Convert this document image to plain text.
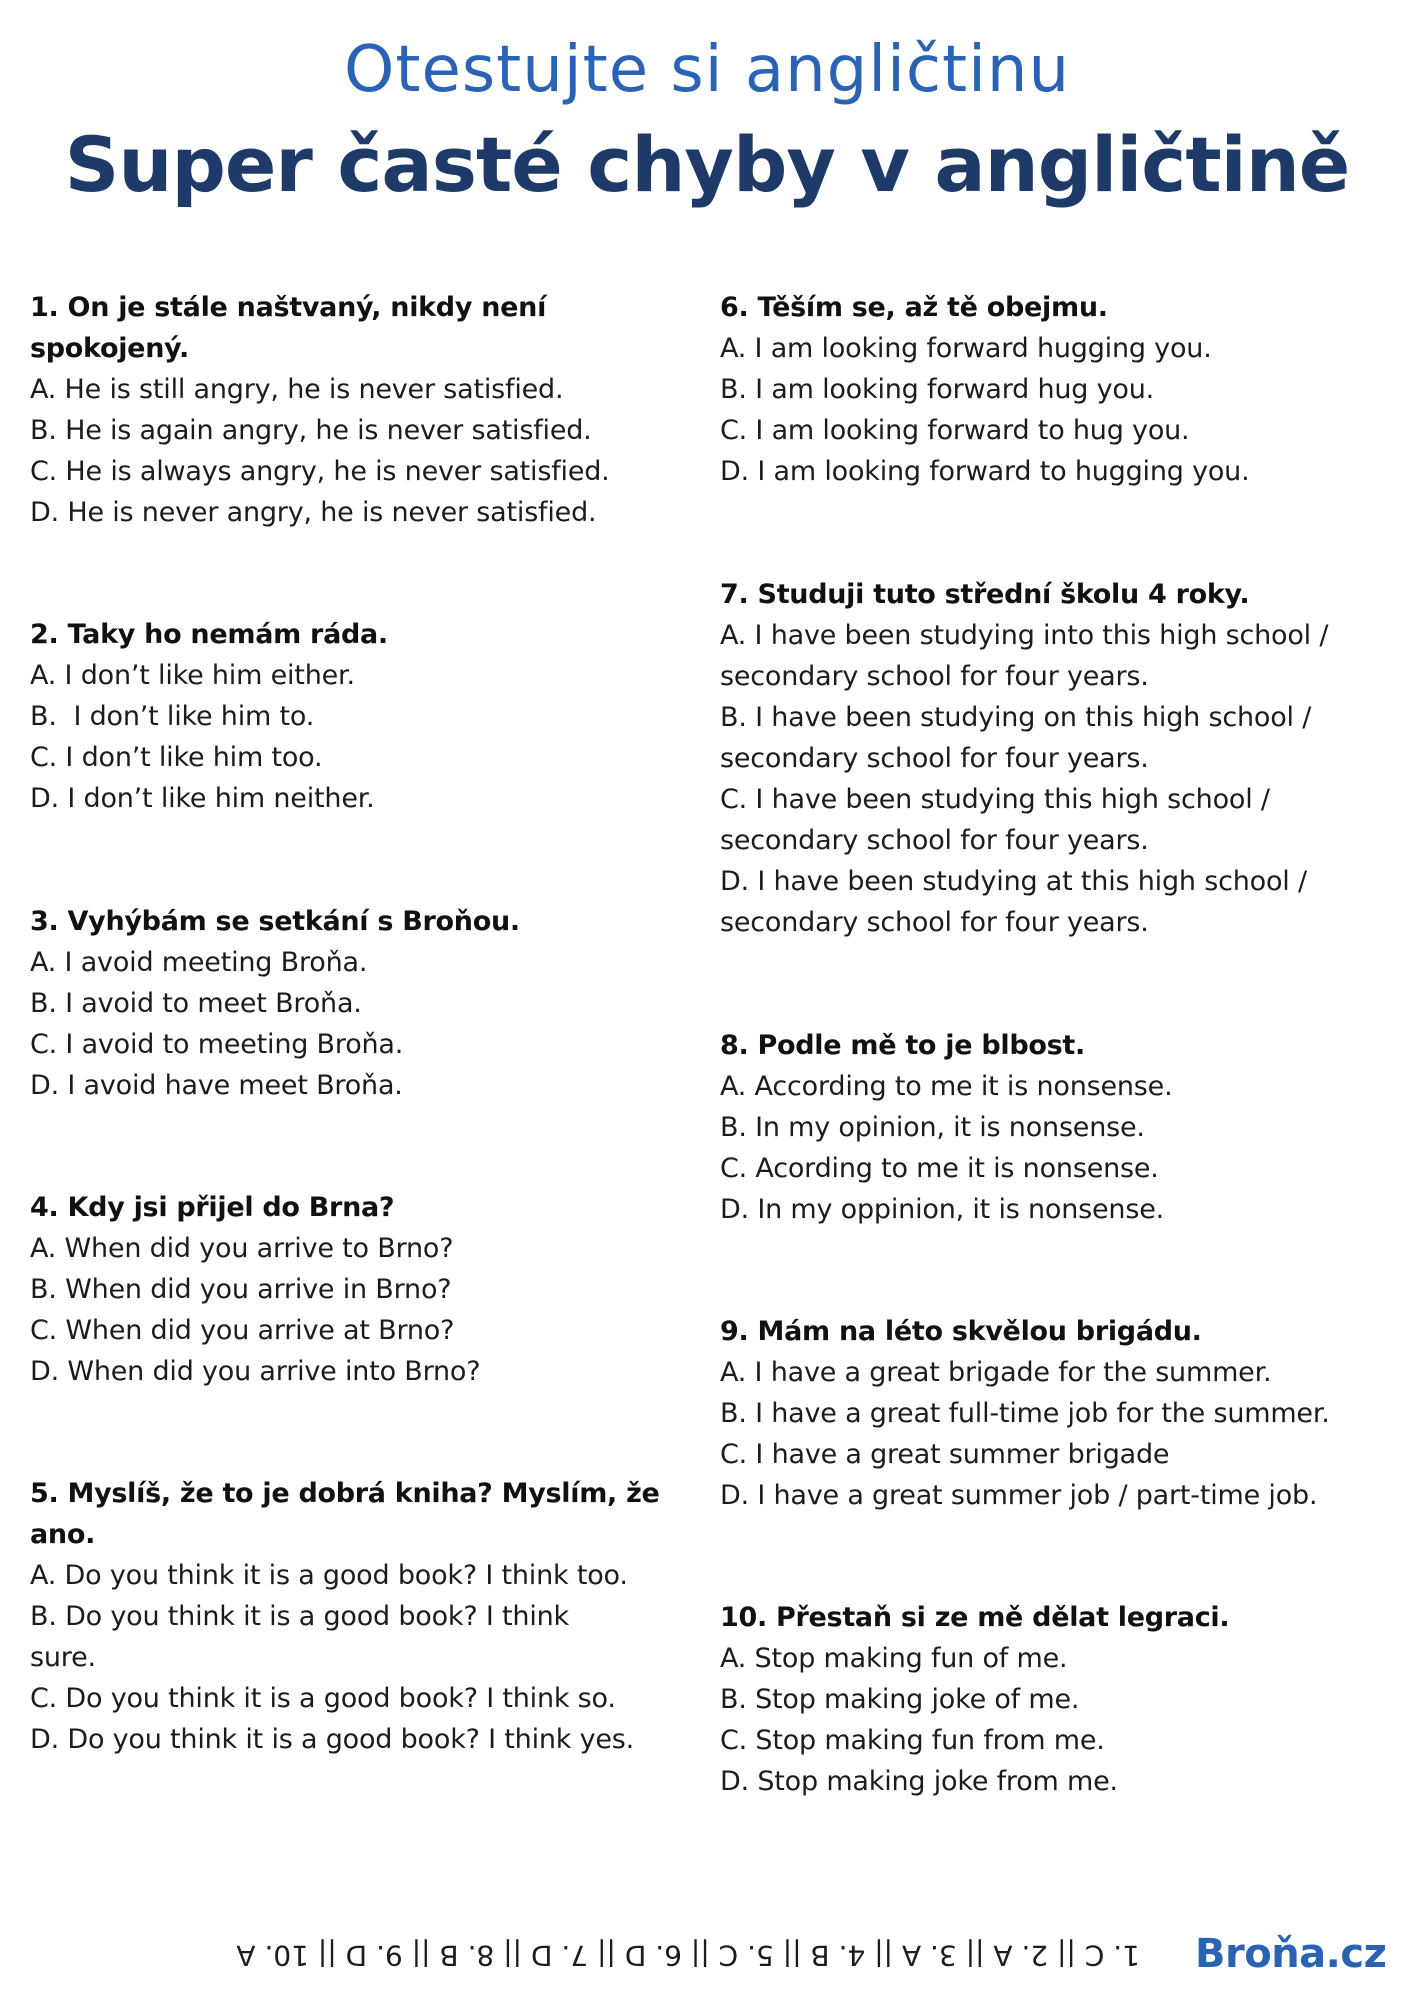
Otestujte si angličtinu
Super časté chyby v angličtině
1. On je stále naštvaný, nikdy není spokojený.
A. He is still angry, he is never satisfied.
B. He is again angry, he is never satisfied.
C. He is always angry, he is never satisfied.
D. He is never angry, he is never satisfied.
2. Taky ho nemám ráda.
A. I don’t like him either.
B.  I don’t like him to.
C. I don’t like him too.
D. I don’t like him neither.
3. Vyhýbám se setkání s Broňou.
A. I avoid meeting Broňa.
B. I avoid to meet Broňa.
C. I avoid to meeting Broňa.
D. I avoid have meet Broňa.
4. Kdy jsi přijel do Brna?
A. When did you arrive to Brno?
B. When did you arrive in Brno?
C. When did you arrive at Brno?
D. When did you arrive into Brno?
5. Myslíš, že to je dobrá kniha? Myslím, že ano.
A. Do you think it is a good book? I think too.
B. Do you think it is a good book? I think sure.
C. Do you think it is a good book? I think so.
D. Do you think it is a good book? I think yes.
6. Těším se, až tě obejmu.
A. I am looking forward hugging you.
B. I am looking forward hug you.
C. I am looking forward to hug you.
D. I am looking forward to hugging you.
7. Studuji tuto střední školu 4 roky.
A. I have been studying into this high school / secondary school for four years.
B. I have been studying on this high school / secondary school for four years.
C. I have been studying this high school / secondary school for four years.
D. I have been studying at this high school / secondary school for four years.
8. Podle mě to je blbost.
A. According to me it is nonsense.
B. In my opinion, it is nonsense.
C. Acording to me it is nonsense.
D. In my oppinion, it is nonsense.
9. Mám na léto skvělou brigádu.
A. I have a great brigade for the summer.
B. I have a great full-time job for the summer.
C. I have a great summer brigade
D. I have a great summer job / part-time job.
10. Přestaň si ze mě dělat legraci.
A. Stop making fun of me.
B. Stop making joke of me.
C. Stop making fun from me.
D. Stop making joke from me.
1. C || 2. A || 3. A || 4. B || 5. C || 6. D || 7. D || 8. B || 9. D || 10. A Broňa.cz
